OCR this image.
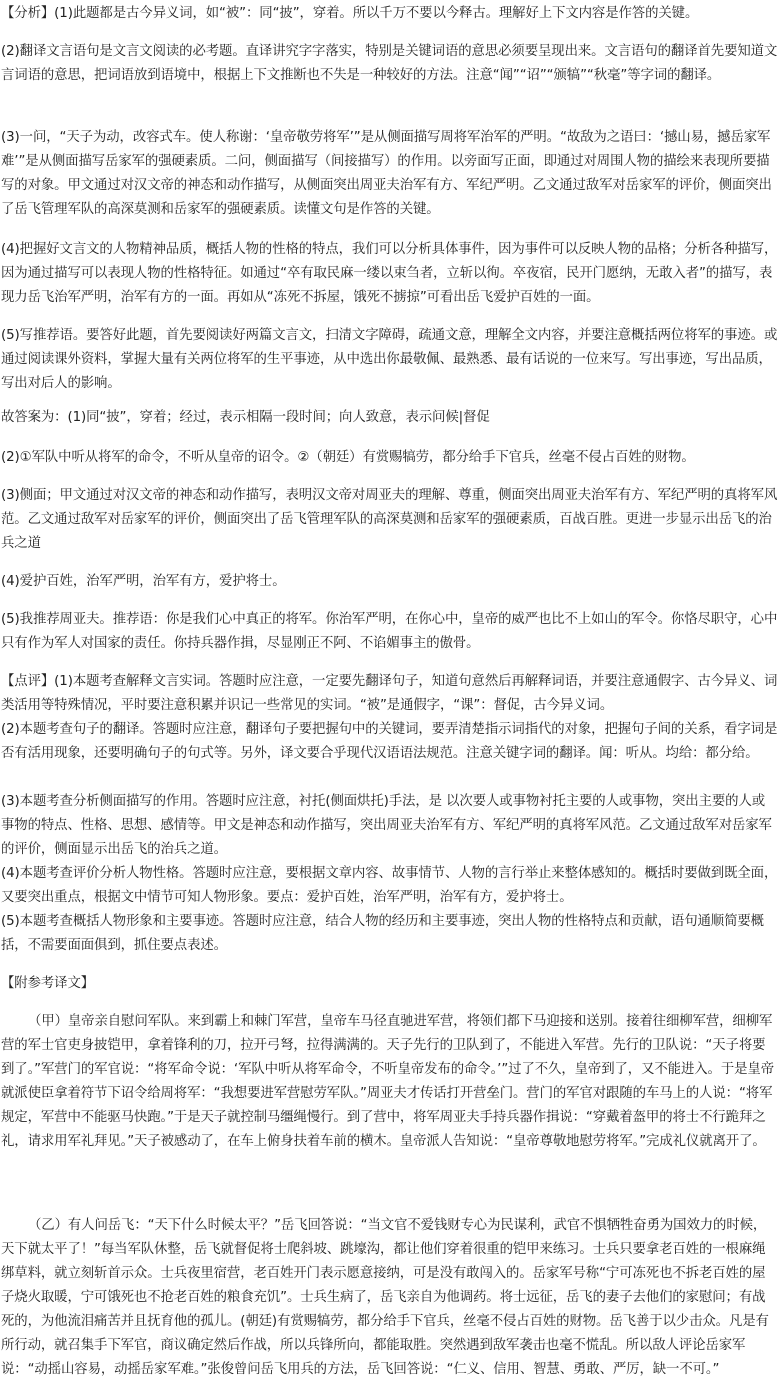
【分析】(1)此题都是古今异义词，如“被”：同“披”，穿着。所以千万不要以今释古。理解好上下文内容是作答的关键。

(2)翻译文言语句是文言文阅读的必考题。直译讲究字字落实，特别是关键词语的意思必须要呈现出来。文言语句的翻译首先要知道文言词语的意思，把词语放到语境中，根据上下文推断也不失是一种较好的方法。注意“闻”“诏”“颁犒”“秋毫”等字词的翻译。

(3)一问，“天子为动，改容式车。使人称谢：‘皇帝敬劳将军’”是从侧面描写周将军治军的严明。“故敌为之语曰：‘撼山易，撼岳家军难’”是从侧面描写岳家军的强硬素质。二问，侧面描写（间接描写）的作用。以旁面写正面，即通过对周围人物的描绘来表现所要描写的对象。甲文通过对汉文帝的神态和动作描写，从侧面突出周亚夫治军有方、军纪严明。乙文通过敌军对岳家军的评价，侧面突出了岳飞管理军队的高深莫测和岳家军的强硬素质。读懂文句是作答的关键。

(4)把握好文言文的人物精神品质，概括人物的性格的特点，我们可以分析具体事件，因为事件可以反映人物的品格；分析各种描写，因为通过描写可以表现人物的性格特征。如通过“卒有取民麻一缕以束刍者，立斩以徇。卒夜宿，民开门愿纳，无敢入者”的描写，表现力岳飞治军严明，治军有方的一面。再如从“冻死不拆屋，饿死不掳掠”可看出岳飞爱护百姓的一面。

(5)写推荐语。要答好此题，首先要阅读好两篇文言文，扫清文字障碍，疏通文意，理解全文内容，并要注意概括两位将军的事迹。或通过阅读课外资料，掌握大量有关两位将军的生平事迹，从中选出你最敬佩、最熟悉、最有话说的一位来写。写出事迹，写出品质，写出对后人的影响。

故答案为：(1)同“披”，穿着；经过，表示相隔一段时间；向人致意，表示问候|督促

(2)①军队中听从将军的命令，不听从皇帝的诏令。②（朝廷）有赏赐犒劳，都分给手下官兵，丝毫不侵占百姓的财物。

(3)侧面；甲文通过对汉文帝的神态和动作描写，表明汉文帝对周亚夫的理解、尊重，侧面突出周亚夫治军有方、军纪严明的真将军风范。乙文通过敌军对岳家军的评价，侧面突出了岳飞管理军队的高深莫测和岳家军的强硬素质，百战百胜。更进一步显示出岳飞的治兵之道

(4)爱护百姓，治军严明，治军有方，爱护将士。

(5)我推荐周亚夫。推荐语：你是我们心中真正的将军。你治军严明，在你心中，皇帝的威严也比不上如山的军令。你恪尽职守，心中只有作为军人对国家的责任。你持兵器作揖，尽显刚正不阿、不谄媚事主的傲骨。

【点评】(1)本题考查解释文言实词。答题时应注意，一定要先翻译句子，知道句意然后再解释词语，并要注意通假字、古今异义、词类活用等特殊情况，平时要注意积累并识记一些常见的实词。“被”是通假字，“课”：督促，古今异义词。

(2)本题考查句子的翻译。答题时应注意，翻译句子要把握句中的关键词，要弄清楚指示词指代的对象，把握句子间的关系，看字词是否有活用现象，还要明确句子的句式等。另外，译文要合乎现代汉语语法规范。注意关键字词的翻译。闻：听从。均给：都分给。

(3)本题考查分析侧面描写的作用。答题时应注意，衬托(侧面烘托)手法，是 以次要人或事物衬托主要的人或事物，突出主要的人或事物的特点、性格、思想、感情等。甲文是神态和动作描写，突出周亚夫治军有方、军纪严明的真将军风范。乙文通过敌军对岳家军的评价，侧面显示出岳飞的治兵之道。

(4)本题考查评价分析人物性格。答题时应注意，要根据文章内容、故事情节、人物的言行举止来整体感知的。概括时要做到既全面，又要突出重点，根据文中情节可知人物形象。要点：爱护百姓，治军严明，治军有方，爱护将士。

(5)本题考查概括人物形象和主要事迹。答题时应注意，结合人物的经历和主要事迹，突出人物的性格特点和贡献，语句通顺简要概括，不需要面面俱到，抓住要点表述。

【附参考译文】

（甲）皇帝亲自慰问军队。来到霸上和棘门军营，皇帝车马径直驰进军营，将领们都下马迎接和送别。接着往细柳军营，细柳军营的军士官吏身披铠甲，拿着锋利的刀，拉开弓弩，拉得满满的。天子先行的卫队到了，不能进入军营。先行的卫队说：“天子将要到了。”军营门的军官说：“将军命令说：‘军队中听从将军命令，不听皇帝发布的命令。’”过了不久，皇帝到了，又不能进入。于是皇帝就派使臣拿着符节下诏令给周将军：“我想要进军营慰劳军队。”周亚夫才传话打开营垒门。营门的军官对跟随的车马上的人说：“将军规定，军营中不能驱马快跑。”于是天子就控制马缰绳慢行。到了营中，将军周亚夫手持兵器作揖说：“穿戴着盔甲的将士不行跪拜之礼，请求用军礼拜见。”天子被感动了，在车上俯身扶着车前的横木。皇帝派人告知说：“皇帝尊敬地慰劳将军。”完成礼仪就离开了。

（乙）有人问岳飞：“天下什么时候太平？”岳飞回答说：“当文官不爱钱财专心为民谋利，武官不惧牺牲奋勇为国效力的时候，天下就太平了！”每当军队休整，岳飞就督促将士爬斜坡、跳壕沟，都让他们穿着很重的铠甲来练习。士兵只要拿老百姓的一根麻绳绑草料，就立刻斩首示众。士兵夜里宿营，老百姓开门表示愿意接纳，可是没有敢闯入的。岳家军号称“宁可冻死也不拆老百姓的屋子烧火取暖，宁可饿死也不抢老百姓的粮食充饥”。士兵生病了，岳飞亲自为他调药。将士远征，岳飞的妻子去他们的家慰问；有战死的，为他流泪痛苦并且抚育他的孤儿。(朝廷)有赏赐犒劳，都分给手下官兵，丝毫不侵占百姓的财物。岳飞善于以少击众。凡是有所行动，就召集手下军官，商议确定然后作战，所以兵锋所向，都能取胜。突然遇到敌军袭击也毫不慌乱。所以敌人评论岳家军说：“动摇山容易，动摇岳家军难。”张俊曾问岳飞用兵的方法，岳飞回答说：“仁义、信用、智慧、勇敢、严厉，缺一不可。”
